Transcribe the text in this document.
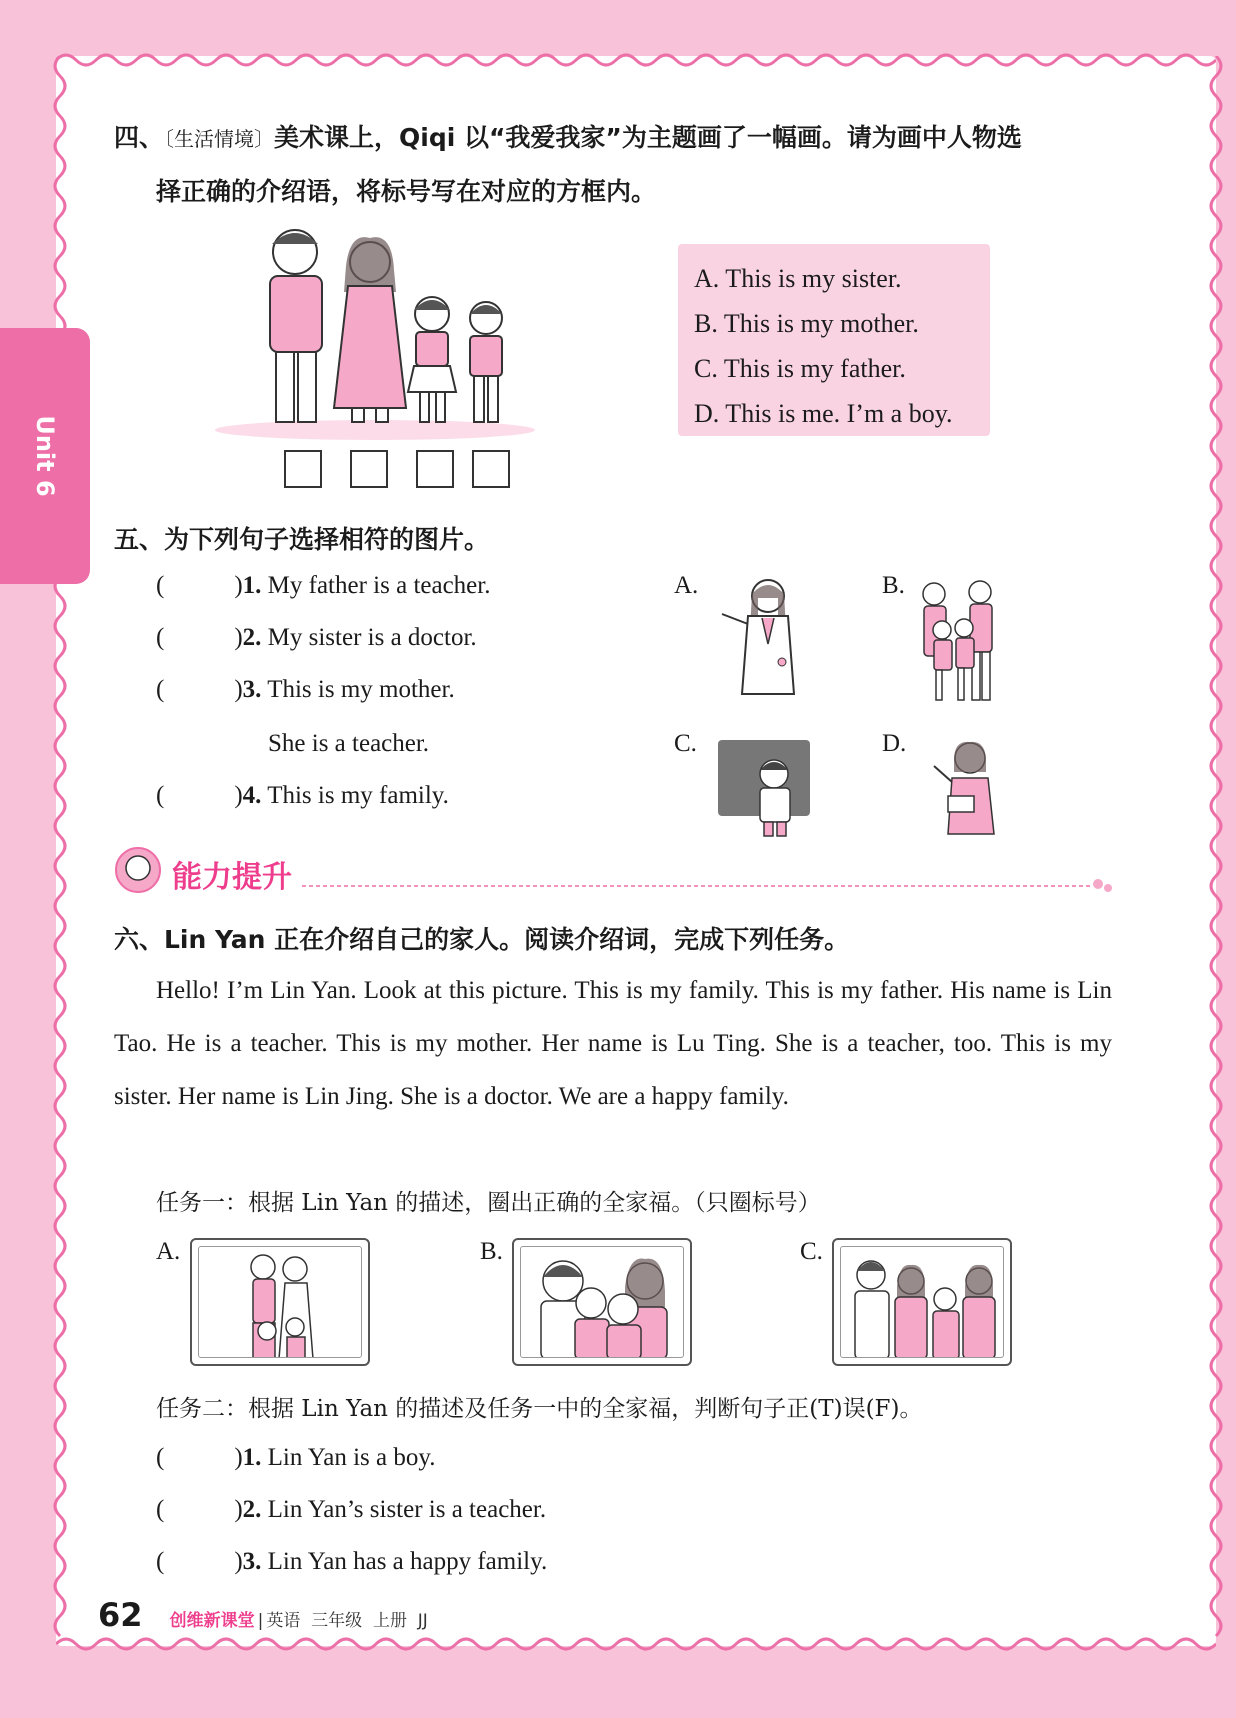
Unit 6
四、〔生活情境〕美术课上，Qiqi 以“我爱我家”为主题画了一幅画。请为画中人物选
择正确的介绍语，将标号写在对应的方框内。
A. This is my sister.
B. This is my mother.
C. This is my father.
D. This is me. I’m a boy.
五、为下列句子选择相符的图片。
(	)1. My father is a teacher.
(	)2. My sister is a doctor.
(	)3. This is my mother.
She is a teacher.
(	)4. This is my family.
A.	B.
C.	D.
能力提升
六、Lin Yan 正在介绍自己的家人。阅读介绍词，完成下列任务。
Hello! I’m Lin Yan. Look at this picture. This is my family. This is my father. His name is Lin Tao. He is a teacher. This is my mother. Her name is Lu Ting. She is a teacher, too. This is my sister. Her name is Lin Jing. She is a doctor. We are a happy family.
任务一：根据 Lin Yan 的描述，圈出正确的全家福。（只圈标号）
A.	B.	C.
任务二：根据 Lin Yan 的描述及任务一中的全家福，判断句子正(T)误(F)。
(	)1. Lin Yan is a boy.
(	)2. Lin Yan’s sister is a teacher.
(	)3. Lin Yan has a happy family.
62 创维新课堂 | 英语  三年级  上册  JJ
